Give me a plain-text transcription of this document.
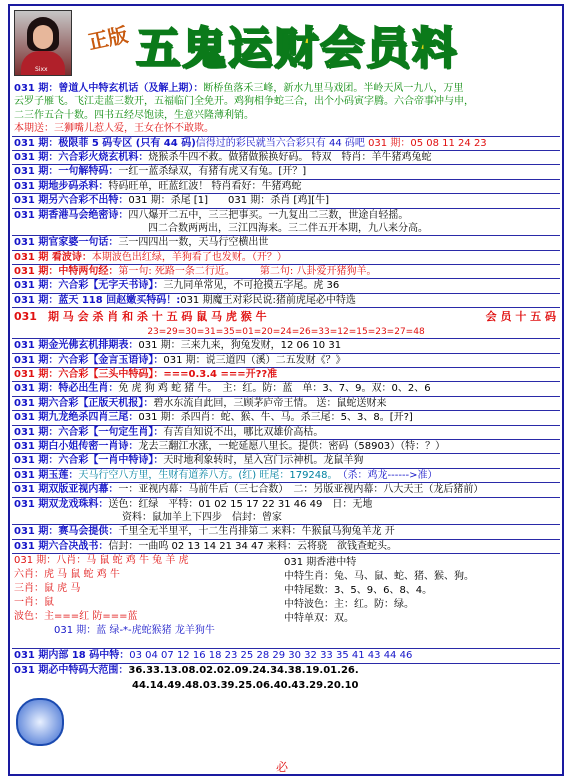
Sixx
正版 五鬼运财会员料
031 期：曾道人中特玄机话（及解上期）：断桥鱼落禾三峰，新水九里马戏团。半岭天风一九八，万里
云罗子雁飞。飞江走蓝三数开，五福临门全免开。鸡狗相争蛇三合，出个小码寅字腾。六合帝事冲与申，
二三作五合十数。四书五经尽饱读，生意兴隆薄利销。
本期送：三狮嘴儿惹人爱，王女在怀不敢欺。
031 期：极限菲 5 码专区 (只有 44 码)信得过的彩民就当六合彩只有 44 码吧 031 期：05 08 11 24 23
031 期：六合彩火烧玄机料：烧猴杀牛四不救。做猪做猴换好码。 特双　 特肖：羊牛猪鸡兔蛇
031 期：一句解特码：一红一蓝杀绿双，有猪有虎又有兔。[开？]
031 期地步码杀料：特码旺单，旺蓝红波！ 特肖看好：牛猪鸡蛇
031 期另六合彩不出特：031 期：杀尾 [1]　　 031 期：杀肖 [鸡][牛]
031 期香港马会绝密诗：四八爆开二五中，三三把事买。一九复出二三数，世途自轻摇。
四二合数两两出，三江四海来。三二伴五开本期，九八来分高。
031 期官家婆一句话：三一四四出一数，天马行空横出世
031 期 看波诗：本期波色出红绿，羊狗看了也发财。（开？）
031 期：中特两句经：第一句: 死路一条二行近。　　　	第二句: 八卦爱开猪狗羊。
031 期：六合彩【无字天书诗】：三九同单常见，不可抢摸五字尾。虎 36
031 期：蓝天 118 回赵嫩买特码！:031 期魔王对彩民说:猪前虎尾必中特选
031　期 马 会 杀 肖 和 杀 十 五 码 鼠 马 虎 猴 牛	会 员 十 五 码
23=29=30=31=35=01=20=24=26=33=12=15=23=27=48
031 期金光佛玄机排期表：031 期：三来九来，狗兔发财，12 06 10 31
031 期：六合彩【金言玉语诗】：031 期：说三道四（溪）二五发财《？》
031 期：六合彩【三头中特码】：===0.3.4 ===开??准
031 期：特必出生肖：免 虎 狗 鸡 蛇 猪 牛。　 主：红。防：蓝　单：3、7、9。双：0、2、6
031 期六合彩【正版天机报】：碧水东流自此回，三顾茅庐帝王情。 送：鼠蛇送财来
031 期九龙绝杀四肖三尾：031 期：杀四肖：蛇、猴、牛、马。杀三尾：5、3、8。[开?]
031 期：六合彩【一句定生肖】：有苦自知说不出，哪比双雄价高枯。
031 期白小姐传密一肖诗：龙去三翻江水涨，一蛇延愿八里长。提供：密码（58903）（特：？）
031 期：六合彩【一肖中特诗】：天时地利象转时，星入宫门示神机。龙鼠羊狗
031 期玉莲：天马行空八方里，生财有道养八方。(红) 旺尾：179248。　 （杀：鸡龙------>准）
031 期双版亚视内幕：一：亚视内幕：马前牛后（三七合数）　 二：另版亚视内幕：八大天王（龙后猪前）
031 期双龙戏珠料：送色：红绿　平特：01 02 15 17 22 31 46 49　日：无地
资料：鼠加羊上下四步　信封：曾家
031 期：赛马会提供：千里全无半里平，十二生肖排第二 来料：牛猴鼠马狗兔羊龙 开
031 期六合决战书：信封：一曲呜 02 13 14 21 34 47 来料：云将骁　欲钱查蛇头。
031 期：八肖：马 鼠 蛇 鸡 牛 兔 羊 虎
六肖：虎 马 鼠 蛇 鸡 牛
三肖：鼠 虎 马
一肖：鼠
波色：主===红 防===蓝
031 期：蓝 绿-*-虎蛇猴猪 龙羊狗牛
031 期香港中特
中特生肖：兔、马、鼠、蛇、猪、猴、狗。
中特尾数：3、5、9、6、8、4。
中特波色：主：红。防：绿。
中特单双：双。
031 期内部 18 码中特：03 04 07 12 16 18 23 25 28 29 30 32 33 35 41 43 44 46
031 期必中特码大范围：36.33.13.08.02.02.09.24.34.38.19.01.26.
44.14.49.48.03.39.25.06.40.43.29.20.10
必
